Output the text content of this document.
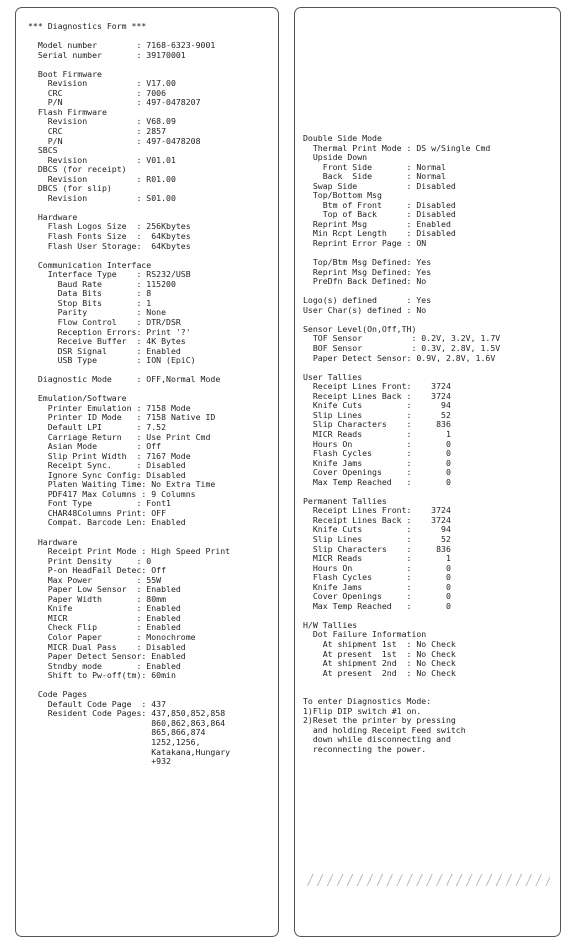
*** Diagnostics Form ***

Model number        : 7168-6323-9001
Serial number       : 39170001

Boot Firmware
Revision          : V17.00
CRC               : 7006
P/N               : 497-0478207
Flash Firmware
Revision          : V68.09
CRC               : 2857
P/N               : 497-0478208
SBCS
Revision          : V01.01
DBCS (for receipt)
Revision          : R01.00
DBCS (for slip)
Revision          : S01.00

Hardware
Flash Logos Size  : 256Kbytes
Flash Fonts Size  :  64Kbytes
Flash User Storage:  64Kbytes

Communication Interface
Interface Type    : RS232/USB
Baud Rate       : 115200
Data Bits       : 8
Stop Bits       : 1
Parity          : None
Flow Control    : DTR/DSR
Reception Errors: Print '?'
Receive Buffer  : 4K Bytes
DSR Signal      : Enabled
USB Type        : ION (EpiC)

Diagnostic Mode     : OFF,Normal Mode

Emulation/Software
Printer Emulation : 7158 Mode
Printer ID Mode   : 7158 Native ID
Default LPI       : 7.52
Carriage Return   : Use Print Cmd
Asian Mode        : Off
Slip Print Width  : 7167 Mode
Receipt Sync.     : Disabled
Ignore Sync Config: Disabled
Platen Waiting Time: No Extra Time
PDF417 Max Columns : 9 Columns
Font Type         : Font1
CHAR48Columns Print: OFF
Compat. Barcode Len: Enabled

Hardware
Receipt Print Mode : High Speed Print
Print Density     : 0
P-on HeadFail Detec: Off
Max Power         : 55W
Paper Low Sensor  : Enabled
Paper Width       : 80mm
Knife             : Enabled
MICR              : Enabled
Check Flip        : Enabled
Color Paper       : Monochrome
MICR Dual Pass    : Disabled
Paper Detect Sensor: Enabled
Stndby mode       : Enabled
Shift to Pw-off(tm): 60min

Code Pages
Default Code Page  : 437
Resident Code Pages: 437,850,852,858
860,862,863,864
865,866,874
1252,1256,
Katakana,Hungary
+932
Double Side Mode
Thermal Print Mode : DS w/Single Cmd
Upside Down
Front Side       : Normal
Back  Side       : Normal
Swap Side          : Disabled
Top/Bottom Msg
Btm of Front     : Disabled
Top of Back      : Disabled
Reprint Msg        : Enabled
Min Rcpt Length    : Disabled
Reprint Error Page : ON

Top/Btm Msg Defined: Yes
Reprint Msg Defined: Yes
PreDfn Back Defined: No

Logo(s) defined      : Yes
User Char(s) defined : No

Sensor Level(On,Off,TH)
TOF Sensor          : 0.2V, 3.2V, 1.7V
BOF Sensor          : 0.3V, 2.8V, 1.5V
Paper Detect Sensor: 0.9V, 2.8V, 1.6V

User Tallies
Receipt Lines Front:    3724
Receipt Lines Back :    3724
Knife Cuts         :      94
Slip Lines         :      52
Slip Characters    :     836
MICR Reads         :       1
Hours On           :       0
Flash Cycles       :       0
Knife Jams         :       0
Cover Openings     :       0
Max Temp Reached   :       0

Permanent Tallies
Receipt Lines Front:    3724
Receipt Lines Back :    3724
Knife Cuts         :      94
Slip Lines         :      52
Slip Characters    :     836
MICR Reads         :       1
Hours On           :       0
Flash Cycles       :       0
Knife Jams         :       0
Cover Openings     :       0
Max Temp Reached   :       0

H/W Tallies
Dot Failure Information
At shipment 1st  : No Check
At present  1st  : No Check
At shipment 2nd  : No Check
At present  2nd  : No Check

To enter Diagnostics Mode:
1)Flip DIP switch #1 on.
2)Reset the printer by pressing
and holding Receipt Feed switch
down while disconnecting and
reconnecting the power.
